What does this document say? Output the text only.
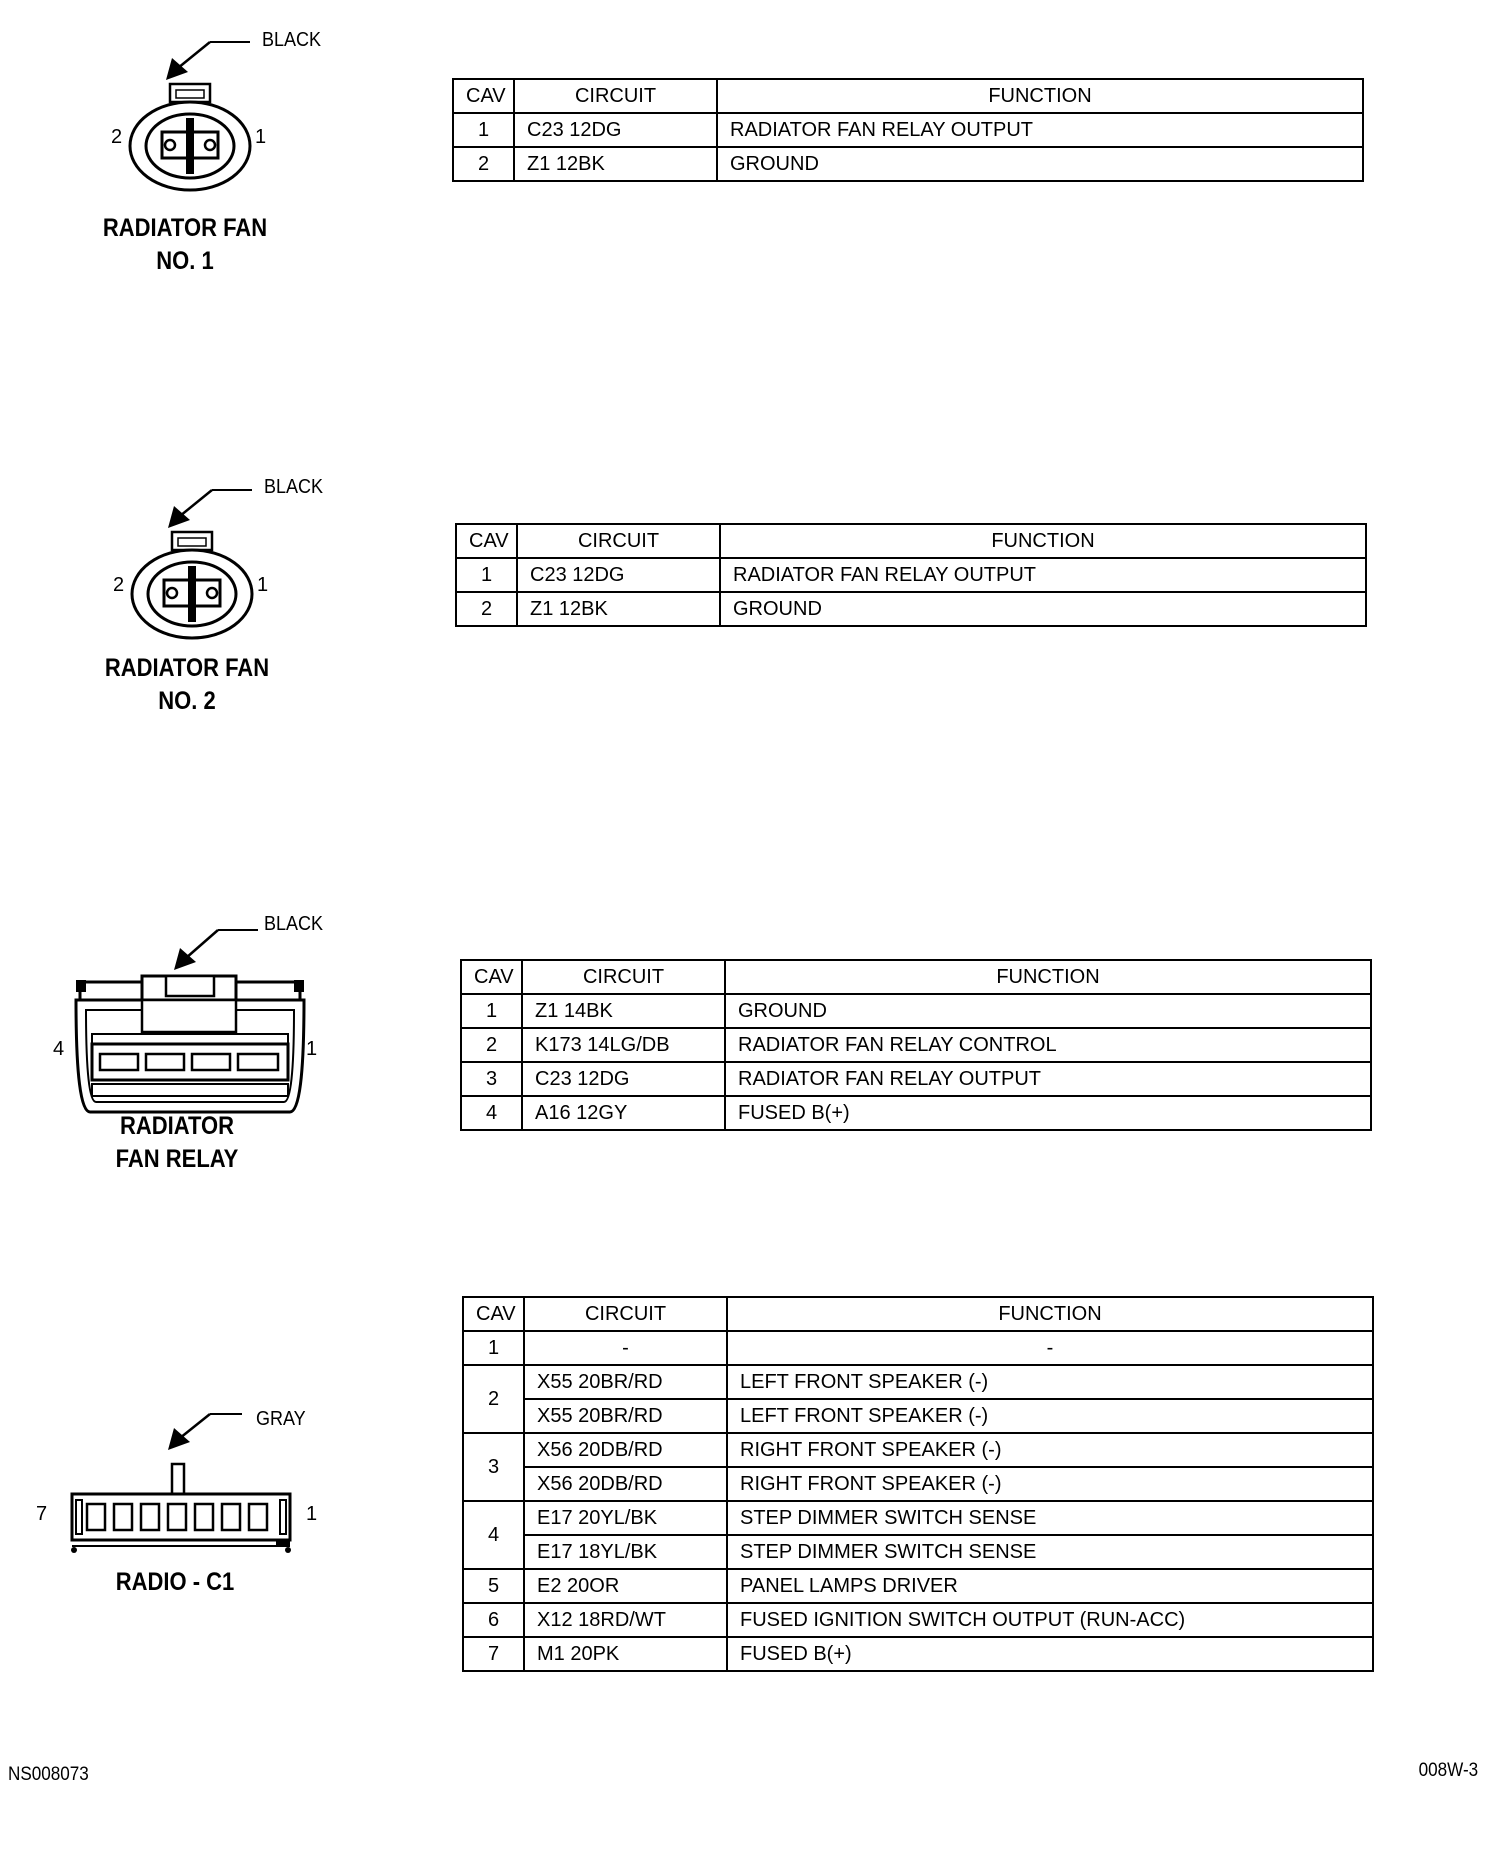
BLACK
2	1
RADIATOR FAN
NO. 1
CAV	CIRCUIT	FUNCTION
1	C23 12DG	RADIATOR FAN RELAY OUTPUT
2	Z1 12BK	GROUND
BLACK
2	1
RADIATOR FAN
NO. 2
CAV	CIRCUIT	FUNCTION
1	C23 12DG	RADIATOR FAN RELAY OUTPUT
2	Z1 12BK	GROUND
BLACK
4	1
RADIATOR
FAN RELAY
CAV	CIRCUIT	FUNCTION
1	Z1 14BK	GROUND
2	K173 14LG/DB	RADIATOR FAN RELAY CONTROL
3	C23 12DG	RADIATOR FAN RELAY OUTPUT
4	A16 12GY	FUSED B(+)
GRAY
7	1
RADIO - C1
CAV	CIRCUIT	FUNCTION
1	-	-
2	X55 20BR/RD	LEFT FRONT SPEAKER (-)
	X55 20BR/RD	LEFT FRONT SPEAKER (-)
3	X56 20DB/RD	RIGHT FRONT SPEAKER (-)
	X56 20DB/RD	RIGHT FRONT SPEAKER (-)
4	E17 20YL/BK	STEP DIMMER SWITCH SENSE
	E17 18YL/BK	STEP DIMMER SWITCH SENSE
5	E2 20OR	PANEL LAMPS DRIVER
6	X12 18RD/WT	FUSED IGNITION SWITCH OUTPUT (RUN-ACC)
7	M1 20PK	FUSED B(+)
NS008073	008W-3
